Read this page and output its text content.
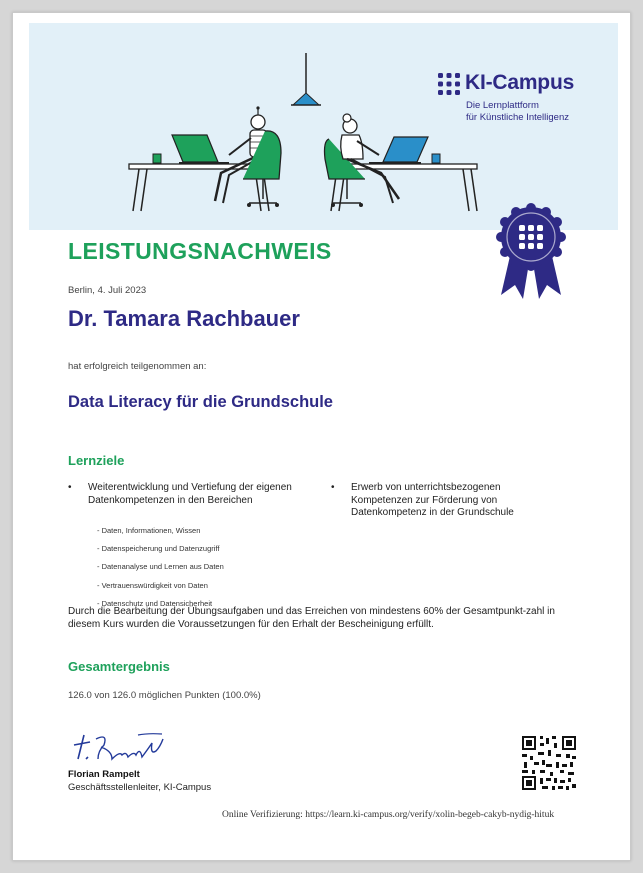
KI-Campus
Die Lernplattform
für Künstliche Intelligenz
LEISTUNGSNACHWEIS
Berlin, 4. Juli 2023
Dr. Tamara Rachbauer
hat erfolgreich teilgenommen an:
Data Literacy für die Grundschule
Lernziele
• Weiterentwicklung und Vertiefung der eigenen Datenkompetenzen in den Bereichen
- Daten, Informationen, Wissen
- Datenspeicherung und Datenzugriff
- Datenanalyse und Lernen aus Daten
- Vertrauenswürdigkeit von Daten
- Datenschutz und Datensicherheit
• Erwerb von unterrichtsbezogenen Kompetenzen zur Förderung von Datenkompetenz in der Grundschule
Durch die Bearbeitung der Übungsaufgaben und das Erreichen von mindestens 60% der Gesamtpunkt-zahl in diesem Kurs wurden die Voraussetzungen für den Erhalt der Bescheinigung erfüllt.
Gesamtergebnis
126.0 von 126.0 möglichen Punkten (100.0%)
Florian Rampelt
Geschäftsstellenleiter, KI-Campus
Online Verifizierung: https://learn.ki-campus.org/verify/xolin-begeb-cakyb-nydig-hituk
